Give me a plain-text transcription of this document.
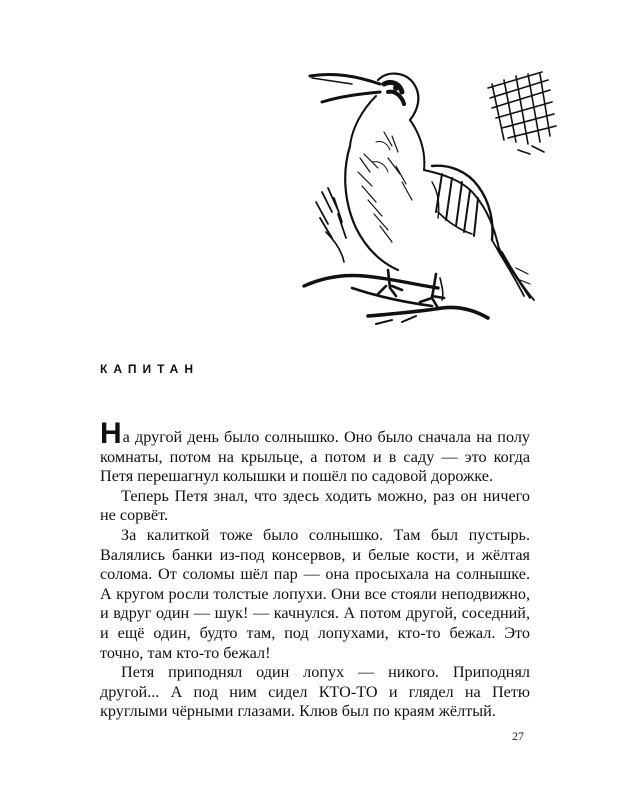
КАПИТАН

На другой день было солнышко. Оно было сначала на полу комнаты, потом на крыльце, а потом и в саду — это когда Петя перешагнул колышки и пошёл по садовой дорожке.

Теперь Петя знал, что здесь ходить можно, раз он ничего не сорвёт.

За калиткой тоже было солнышко. Там был пустырь. Валялись банки из-под консервов, и белые кости, и жёлтая солома. От соломы шёл пар — она просыхала на солнышке. А кругом росли толстые лопухи. Они все стояли неподвижно, и вдруг один — шук! — качнулся. А потом другой, соседний, и ещё один, будто там, под лопухами, кто-то бежал. Это точно, там кто-то бежал!

Петя приподнял один лопух — никого. Приподнял другой... А под ним сидел КТО-ТО и глядел на Петю круглыми чёрными глазами. Клюв был по краям жёлтый.

27
